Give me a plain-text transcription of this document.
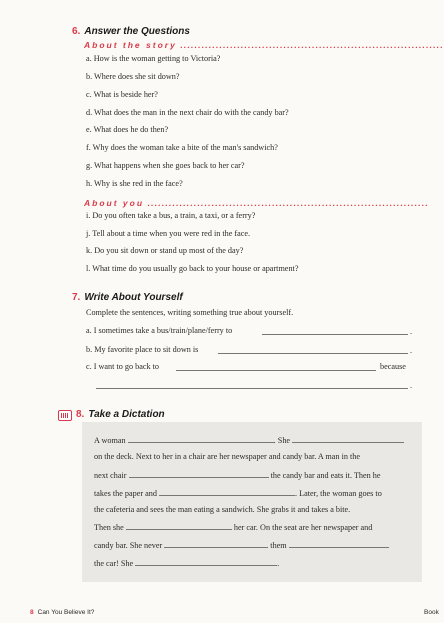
6. Answer the Questions
About the story ..........................................................................
a. How is the woman getting to Victoria?
b. Where does she sit down?
c. What is beside her?
d. What does the man in the next chair do with the candy bar?
e. What does he do then?
f. Why does the woman take a bite of the man's sandwich?
g. What happens when she goes back to her car?
h. Why is she red in the face?
About you ...............................................................................
i. Do you often take a bus, a train, a taxi, or a ferry?
j. Tell about a time when you were red in the face.
k. Do you sit down or stand up most of the day?
l. What time do you usually go back to your house or apartment?
7. Write About Yourself
Complete the sentences, writing something true about yourself.
a. I sometimes take a bus/train/plane/ferry to	.
b. My favorite place to sit down is	.
c. I want to go back to	because
.
8. Take a Dictation
A woman	. She
on the deck. Next to her in a chair are her newspaper and candy bar. A man in the
next chair	the candy bar and eats it. Then he
takes the paper and	. Later, the woman goes to
the cafeteria and sees the man eating a sandwich. She grabs it and takes a bite.
Then she	her car. On the seat are her newspaper and
candy bar. She never	them
the car! She	.
8 Can You Believe It?	Book
